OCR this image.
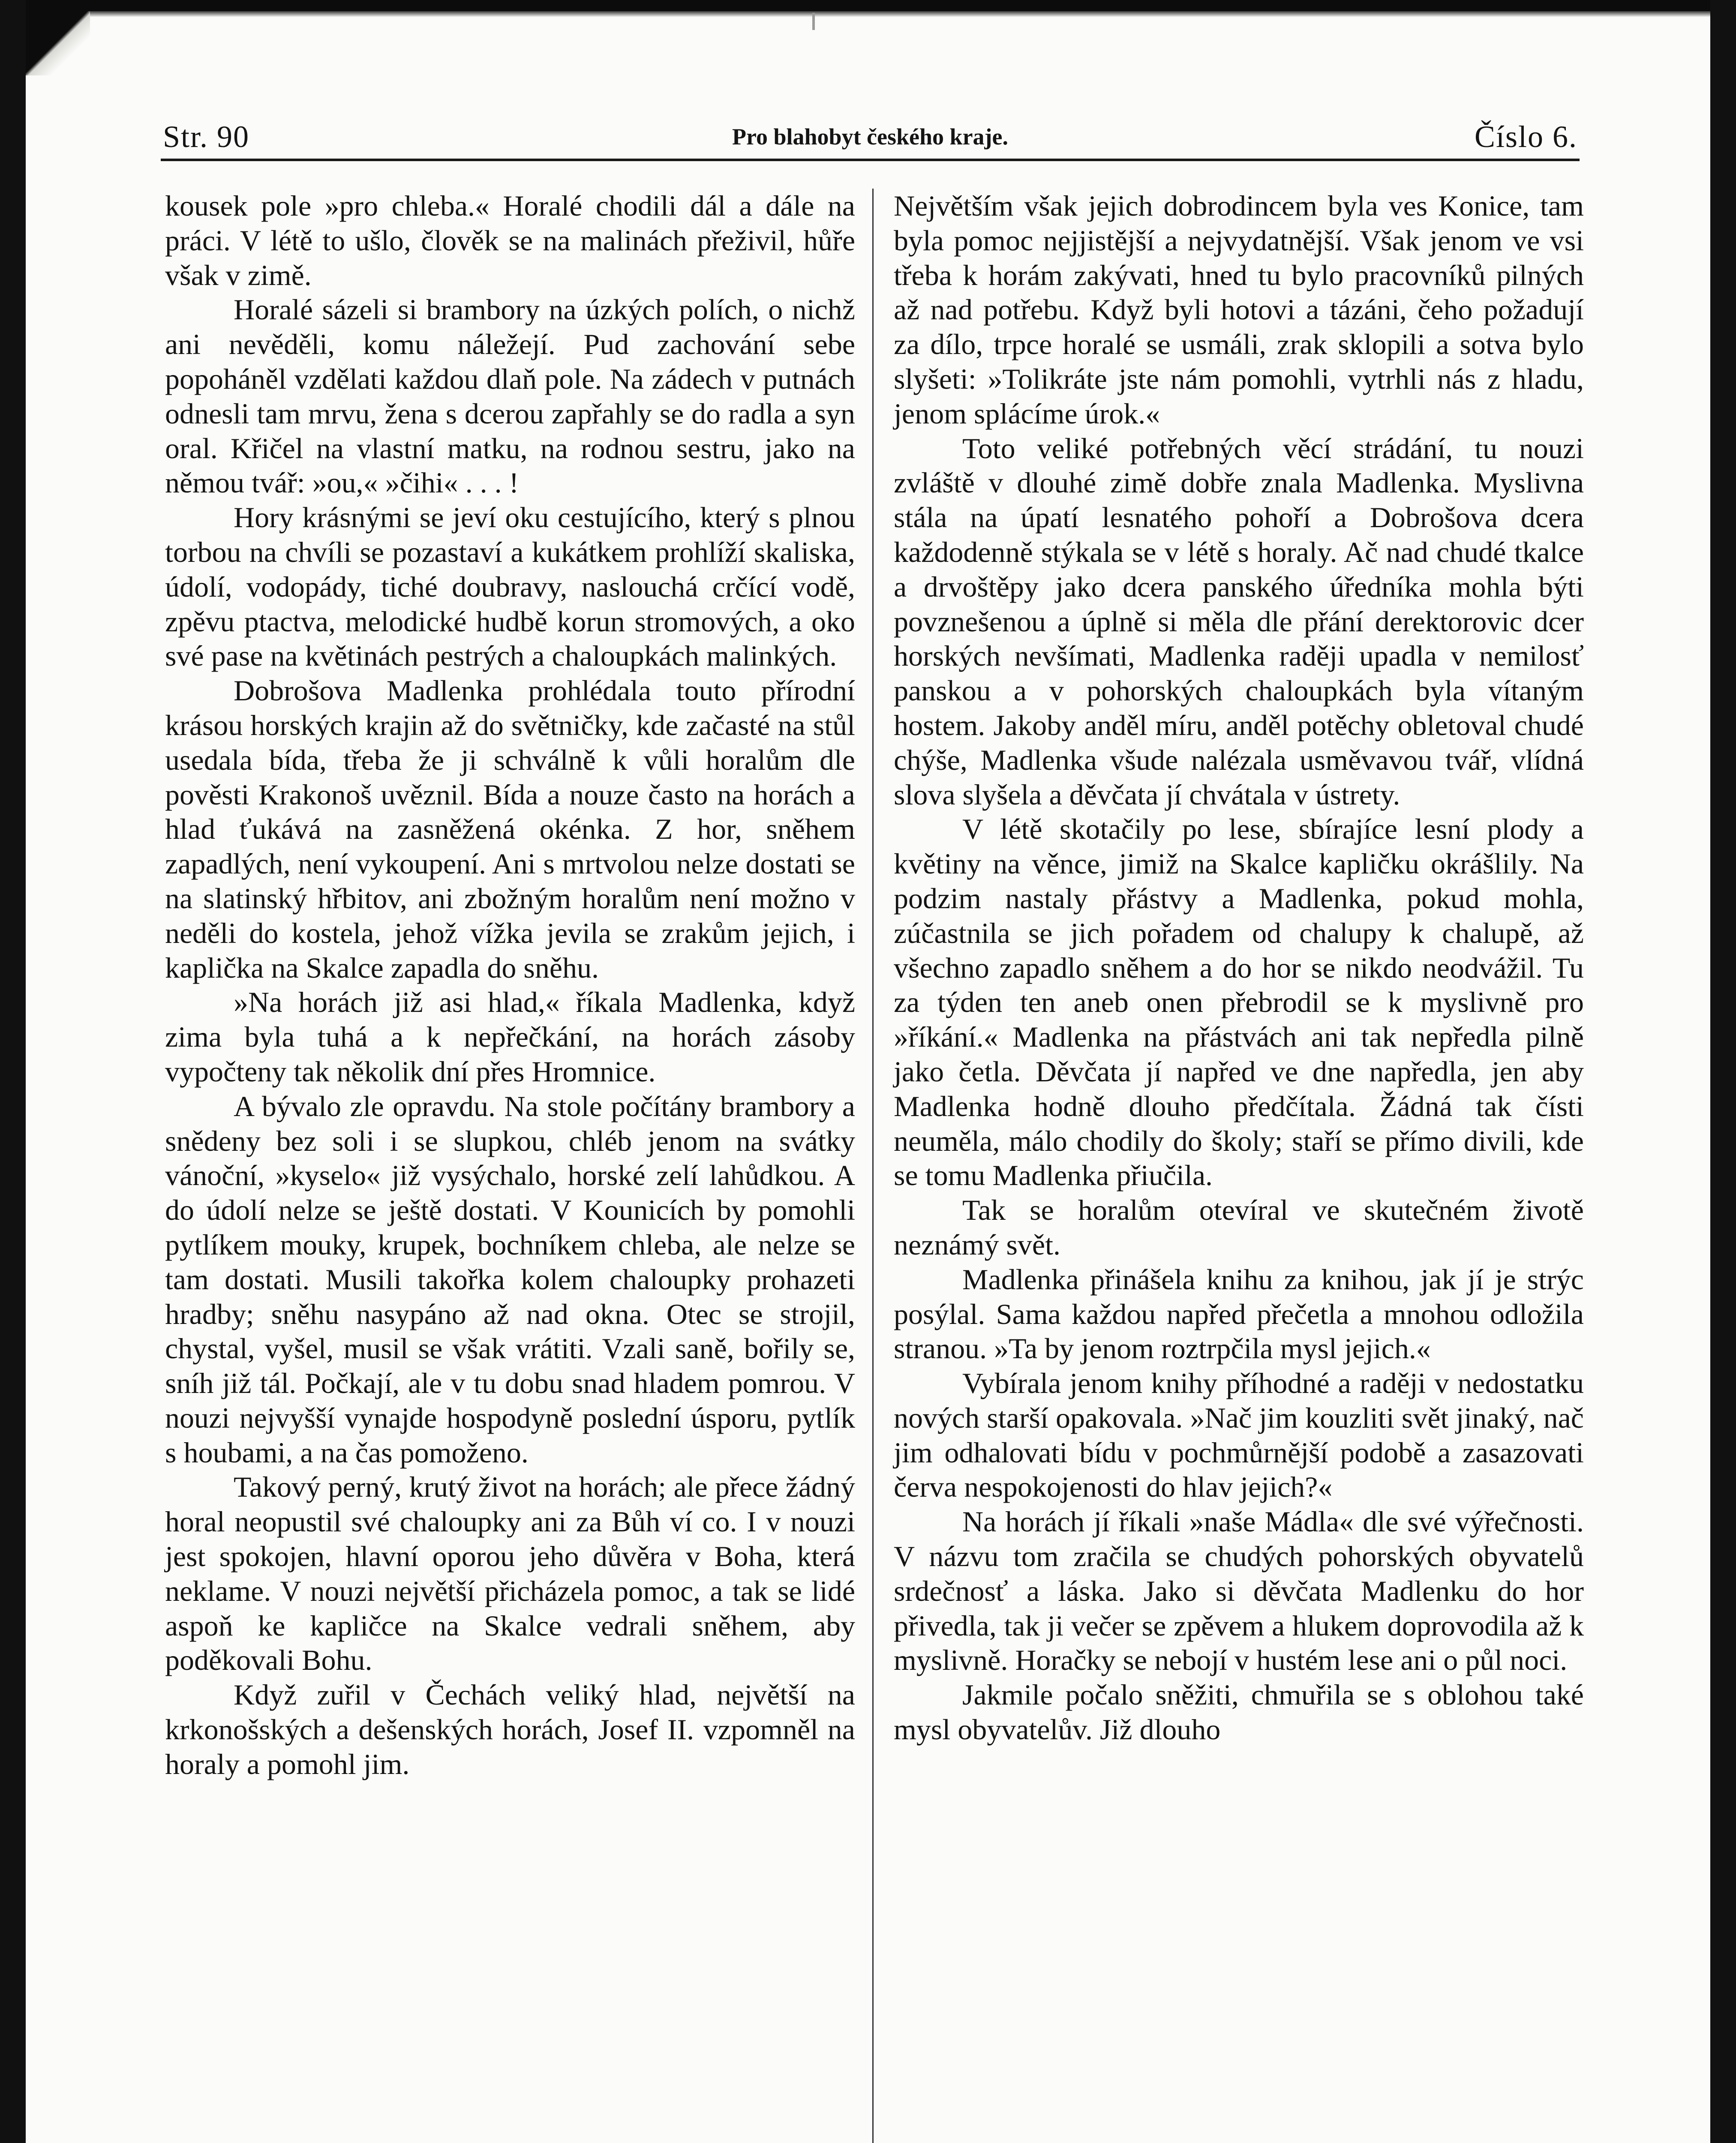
Str. 90	Pro blahobyt českého kraje.	Číslo 6.

kousek pole »pro chleba.« Horalé chodili dál a dále na práci. V létě to ušlo, člověk se na malinách přeživil, hůře však v zimě.

Horalé sázeli si brambory na úzkých polích, o nichž ani nevěděli, komu náležejí. Pud zachování sebe popoháněl vzdělati každou dlaň pole. Na zádech v putnách odnesli tam mrvu, žena s dcerou zapřahly se do radla a syn oral. Křičel na vlastní matku, na rodnou sestru, jako na němou tvář: »ou,« »čihi« . . . !

Hory krásnými se jeví oku cestujícího, který s plnou torbou na chvíli se pozastaví a kukátkem prohlíží skaliska, údolí, vodopády, tiché doubravy, naslouchá crčící vodě, zpěvu ptactva, melodické hudbě korun stromových, a oko své pase na květinách pestrých a chaloupkách malinkých.

Dobrošova Madlenka prohlédala touto přírodní krásou horských krajin až do světničky, kde začasté na stůl usedala bída, třeba že ji schválně k vůli horalům dle pověsti Krakonoš uvěznil. Bída a nouze často na horách a hlad ťukává na zasněžená okénka. Z hor, sněhem zapadlých, není vykoupení. Ani s mrtvolou nelze dostati se na slatinský hřbitov, ani zbožným horalům není možno v neděli do kostela, jehož vížka jevila se zrakům jejich, i kaplička na Skalce zapadla do sněhu.

»Na horách již asi hlad,« říkala Madlenka, když zima byla tuhá a k nepřečkání, na horách zásoby vypočteny tak několik dní přes Hromnice.

A bývalo zle opravdu. Na stole počítány brambory a snědeny bez soli i se slupkou, chléb jenom na svátky vánoční, »kyselo« již vysýchalo, horské zelí lahůdkou. A do údolí nelze se ještě dostati. V Kounicích by pomohli pytlíkem mouky, krupek, bochníkem chleba, ale nelze se tam dostati. Musili takořka kolem chaloupky prohazeti hradby; sněhu nasypáno až nad okna. Otec se strojil, chystal, vyšel, musil se však vrátiti. Vzali saně, bořily se, sníh již tál. Počkají, ale v tu dobu snad hladem pomrou. V nouzi nejvyšší vynajde hospodyně poslední úsporu, pytlík s houbami, a na čas pomoženo.

Takový perný, krutý život na horách; ale přece žádný horal neopustil své chaloupky ani za Bůh ví co. I v nouzi jest spokojen, hlavní oporou jeho důvěra v Boha, která neklame. V nouzi největší přicházela pomoc, a tak se lidé aspoň ke kapličce na Skalce vedrali sněhem, aby poděkovali Bohu.

Když zuřil v Čechách veliký hlad, největší na krkonošských a dešenských horách, Josef II. vzpomněl na horaly a pomohl jim.

Největším však jejich dobrodincem byla ves Konice, tam byla pomoc nejjistější a nejvydatnější. Však jenom ve vsi třeba k horám zakývati, hned tu bylo pracovníků pilných až nad potřebu. Když byli hotovi a tázáni, čeho požadují za dílo, trpce horalé se usmáli, zrak sklopili a sotva bylo slyšeti: »Tolikráte jste nám pomohli, vytrhli nás z hladu, jenom splácíme úrok.«

Toto veliké potřebných věcí strádání, tu nouzi zvláště v dlouhé zimě dobře znala Madlenka. Myslivna stála na úpatí lesnatého pohoří a Dobrošova dcera každodenně stýkala se v létě s horaly. Ač nad chudé tkalce a drvoštěpy jako dcera panského úředníka mohla býti povznešenou a úplně si měla dle přání derektorovic dcer horských nevšímati, Madlenka raději upadla v nemilosť panskou a v pohorských chaloupkách byla vítaným hostem. Jakoby anděl míru, anděl potěchy obletoval chudé chýše, Madlenka všude nalézala usměvavou tvář, vlídná slova slyšela a děvčata jí chvátala v ústrety.

V létě skotačily po lese, sbírajíce lesní plody a květiny na věnce, jimiž na Skalce kapličku okrášlily. Na podzim nastaly přástvy a Madlenka, pokud mohla, zúčastnila se jich pořadem od chalupy k chalupě, až všechno zapadlo sněhem a do hor se nikdo neodvážil. Tu za týden ten aneb onen přebrodil se k myslivně pro »říkání.« Madlenka na přástvách ani tak nepředla pilně jako četla. Děvčata jí napřed ve dne napředla, jen aby Madlenka hodně dlouho předčítala. Žádná tak čísti neuměla, málo chodily do školy; staří se přímo divili, kde se tomu Madlenka přiučila.

Tak se horalům otevíral ve skutečném životě neznámý svět.

Madlenka přinášela knihu za knihou, jak jí je strýc posýlal. Sama každou napřed přečetla a mnohou odložila stranou. »Ta by jenom roztrpčila mysl jejich.«

Vybírala jenom knihy příhodné a raději v nedostatku nových starší opakovala. »Nač jim kouzliti svět jinaký, nač jim odhalovati bídu v pochmůrnější podobě a zasazovati červa nespokojenosti do hlav jejich?«

Na horách jí říkali »naše Mádla« dle své výřečnosti. V názvu tom zračila se chudých pohorských obyvatelů srdečnosť a láska. Jako si děvčata Madlenku do hor přivedla, tak ji večer se zpěvem a hlukem doprovodila až k myslivně. Horačky se nebojí v hustém lese ani o půl noci.

Jakmile počalo sněžiti, chmuřila se s oblohou také mysl obyvatelův. Již dlouho
